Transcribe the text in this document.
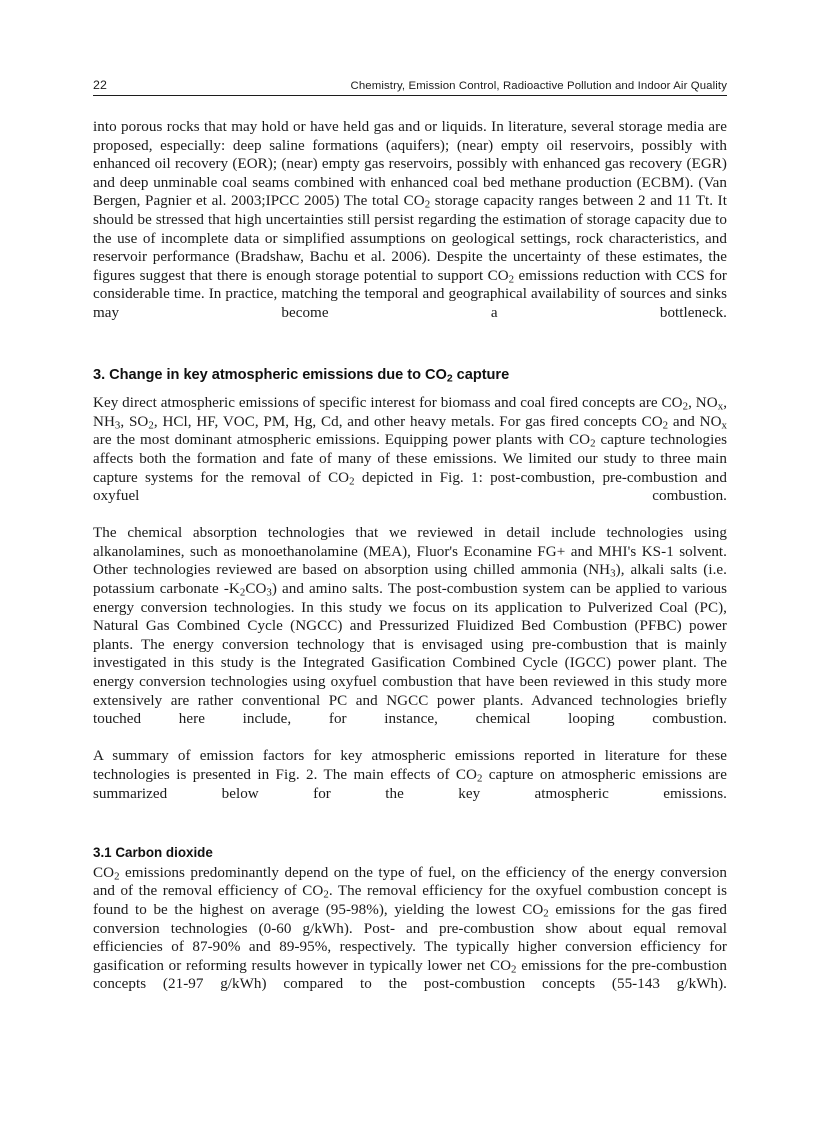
22	Chemistry, Emission Control, Radioactive Pollution and Indoor Air Quality

into porous rocks that may hold or have held gas and or liquids. In literature, several storage media are proposed, especially: deep saline formations (aquifers); (near) empty oil reservoirs, possibly with enhanced oil recovery (EOR); (near) empty gas reservoirs, possibly with enhanced gas recovery (EGR) and deep unminable coal seams combined with enhanced coal bed methane production (ECBM). (Van Bergen, Pagnier et al. 2003;IPCC 2005) The total $CO_2$ storage capacity ranges between 2 and 11 Tt. It should be stressed that high uncertainties still persist regarding the estimation of storage capacity due to the use of incomplete data or simplified assumptions on geological settings, rock characteristics, and reservoir performance (Bradshaw, Bachu et al. 2006). Despite the uncertainty of these estimates, the figures suggest that there is enough storage potential to support $CO_2$ emissions reduction with CCS for considerable time. In practice, matching the temporal and geographical availability of sources and sinks may become a bottleneck.

3. Change in key atmospheric emissions due to $CO_2$ capture

Key direct atmospheric emissions of specific interest for biomass and coal fired concepts are $CO_2$, $NO_x$, $NH_3$, $SO_2$, HCl, HF, VOC, PM, Hg, Cd, and other heavy metals. For gas fired concepts $CO_2$ and $NO_x$ are the most dominant atmospheric emissions. Equipping power plants with $CO_2$ capture technologies affects both the formation and fate of many of these emissions. We limited our study to three main capture systems for the removal of $CO_2$ depicted in Fig. 1: post-combustion, pre-combustion and oxyfuel combustion.

The chemical absorption technologies that we reviewed in detail include technologies using alkanolamines, such as monoethanolamine (MEA), Fluor's Econamine FG+ and MHI's KS-1 solvent. Other technologies reviewed are based on absorption using chilled ammonia $(NH_3)$, alkali salts (i.e. potassium carbonate $-K_2CO_3$) and amino salts. The post-combustion system can be applied to various energy conversion technologies. In this study we focus on its application to Pulverized Coal (PC), Natural Gas Combined Cycle (NGCC) and Pressurized Fluidized Bed Combustion (PFBC) power plants. The energy conversion technology that is envisaged using pre-combustion that is mainly investigated in this study is the Integrated Gasification Combined Cycle (IGCC) power plant. The energy conversion technologies using oxyfuel combustion that have been reviewed in this study more extensively are rather conventional PC and NGCC power plants. Advanced technologies briefly touched here include, for instance, chemical looping combustion.

A summary of emission factors for key atmospheric emissions reported in literature for these technologies is presented in Fig. 2. The main effects of $CO_2$ capture on atmospheric emissions are summarized below for the key atmospheric emissions.

3.1 Carbon dioxide

$CO_2$ emissions predominantly depend on the type of fuel, on the efficiency of the energy conversion and of the removal efficiency of $CO_2$. The removal efficiency for the oxyfuel combustion concept is found to be the highest on average (95-98%), yielding the lowest $CO_2$ emissions for the gas fired conversion technologies (0-60 g/kWh). Post- and pre-combustion show about equal removal efficiencies of 87-90% and 89-95%, respectively. The typically higher conversion efficiency for gasification or reforming results however in typically lower net $CO_2$ emissions for the pre-combustion concepts (21-97 g/kWh) compared to the post-combustion concepts (55-143 g/kWh).
